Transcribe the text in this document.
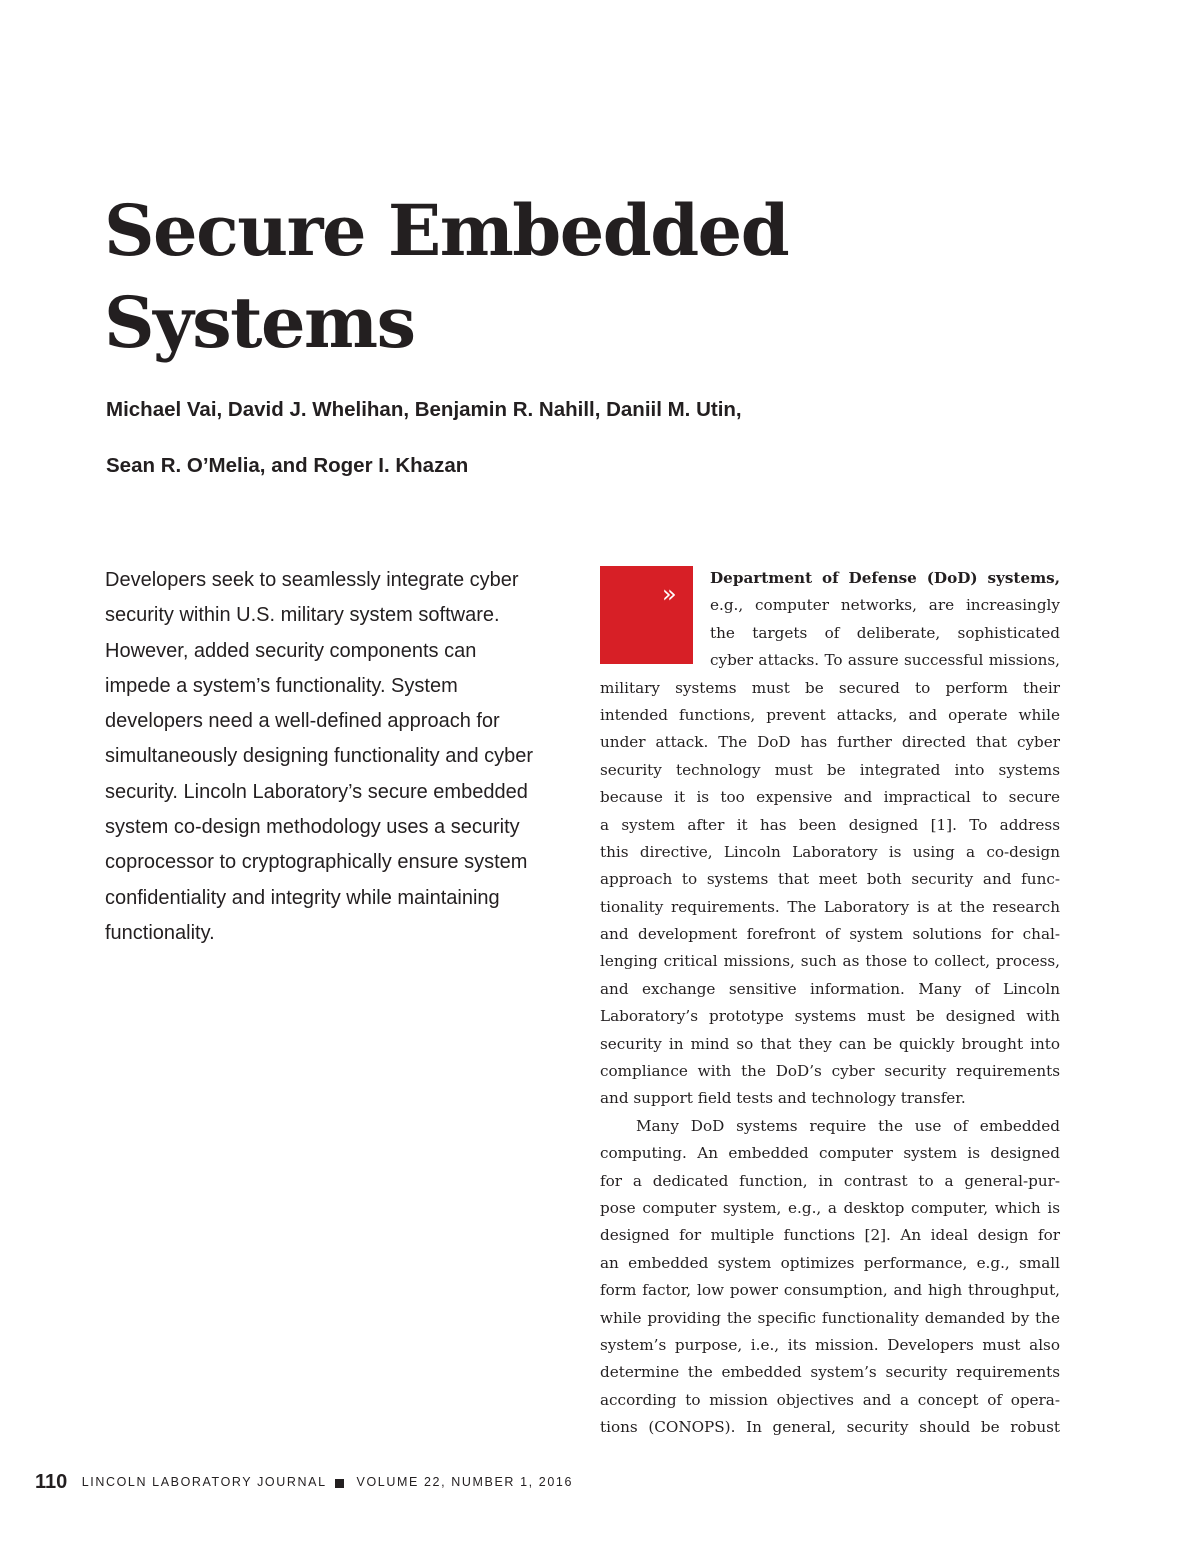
Secure Embedded
Systems
Michael Vai, David J. Whelihan, Benjamin R. Nahill, Daniil M. Utin,
Sean R. O’Melia, and Roger I. Khazan
Developers seek to seamlessly integrate cyber
security within U.S. military system software.
However, added security components can
impede a system’s functionality. System
developers need a well-defined approach for
simultaneously designing functionality and cyber
security. Lincoln Laboratory’s secure embedded
system co-design methodology uses a security
coprocessor to cryptographically ensure system
confidentiality and integrity while maintaining
functionality.
»
Department of Defense (DoD) systems,
e.g., computer networks, are increasingly
the targets of deliberate, sophisticated
cyber attacks. To assure successful missions,
military systems must be secured to perform their
intended functions, prevent attacks, and operate while
under attack. The DoD has further directed that cyber
security technology must be integrated into systems
because it is too expensive and impractical to secure
a system after it has been designed [1]. To address
this directive, Lincoln Laboratory is using a co-design
approach to systems that meet both security and func-
tionality requirements. The Laboratory is at the research
and development forefront of system solutions for chal-
lenging critical missions, such as those to collect, process,
and exchange sensitive information. Many of Lincoln
Laboratory’s prototype systems must be designed with
security in mind so that they can be quickly brought into
compliance with the DoD’s cyber security requirements
and support field tests and technology transfer.
Many DoD systems require the use of embedded
computing. An embedded computer system is designed
for a dedicated function, in contrast to a general-pur-
pose computer system, e.g., a desktop computer, which is
designed for multiple functions [2]. An ideal design for
an embedded system optimizes performance, e.g., small
form factor, low power consumption, and high throughput,
while providing the specific functionality demanded by the
system’s purpose, i.e., its mission. Developers must also
determine the embedded system’s security requirements
according to mission objectives and a concept of opera-
tions (CONOPS). In general, security should be robust
110 LINCOLN LABORATORY JOURNAL VOLUME 22, NUMBER 1, 2016
